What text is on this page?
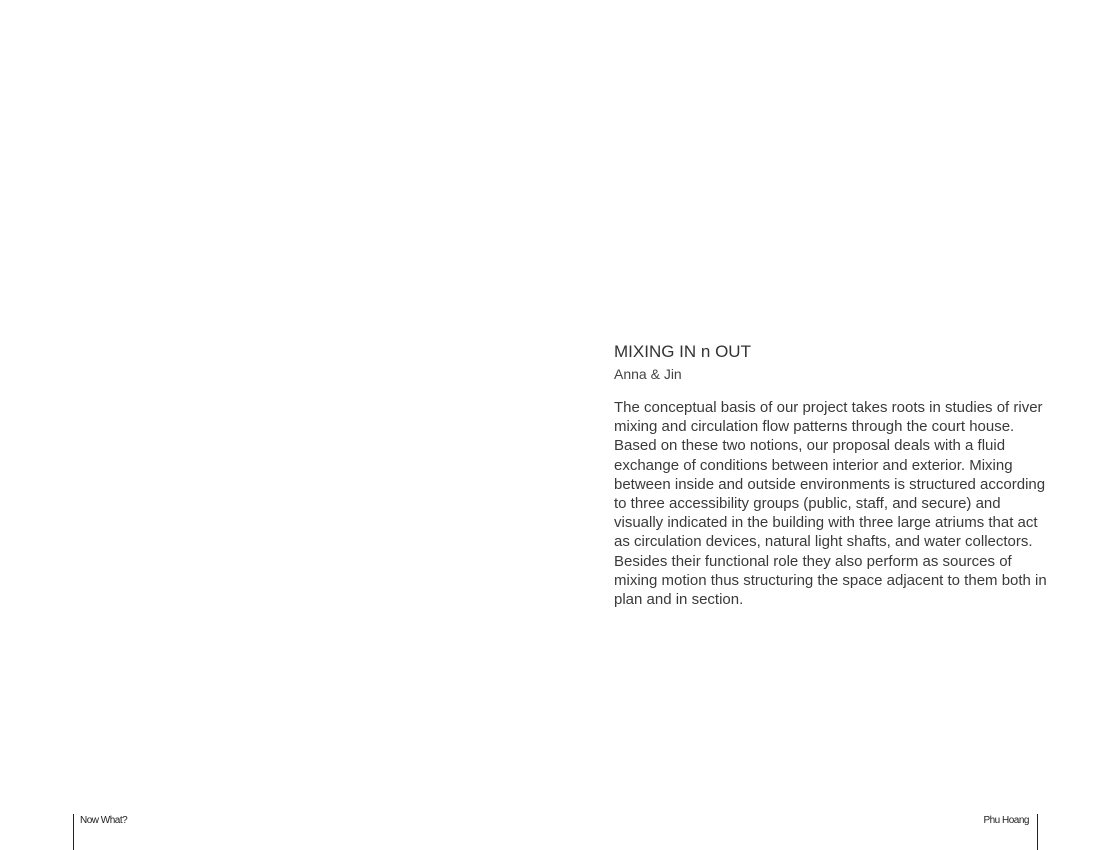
MIXING IN n OUT

Anna & Jin

The conceptual basis of our project takes roots in studies of river mixing and circulation flow patterns through the court house. Based on these two notions, our proposal deals with a fluid exchange of conditions between interior and exterior. Mixing between inside and outside environments is structured according to three accessibility groups (public, staff, and secure) and visually indicated in the building with three large atriums that act as circulation devices, natural light shafts, and water collectors. Besides their functional role they also perform as sources of mixing motion thus structuring the space adjacent to them both in plan and in section.

Now What?	Phu Hoang
